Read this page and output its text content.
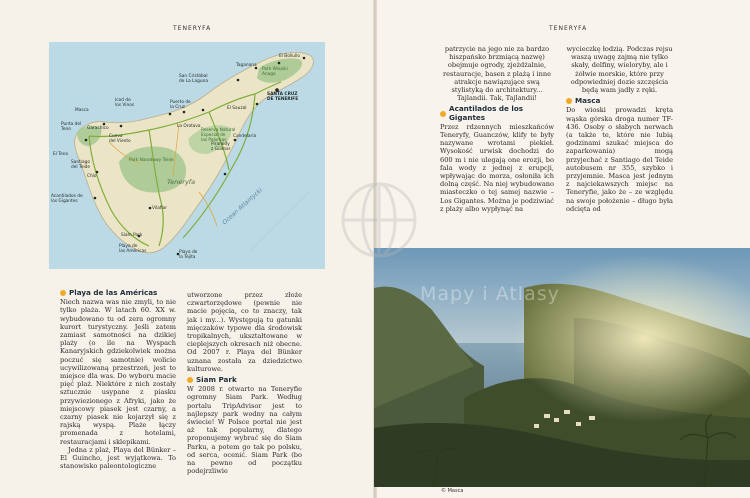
TENERYFA	TENERYFA
El Bollullo
Taganana
Park Wiejski
Anaga
San Cristóbal
de La Laguna
SANTA CRUZ
DE TENERIFE
Icod de
los Vinos
Puerto de
la Cruz
Garachico
Punta del
Teno
Cueva
del Viento
La Orotava
Reserva Natural
Especial de
las Palomas
Piramidy
z Güímar
Candelaria
Park Narodowy Teide
El Teno
Chío
Acantilados de
los Gigantes
Santiago
del Teide
Vilaflor
Siam Park
Playa de
las Américas	Playa de
la Tejita
Masca	El Sauzal
Teneryfa
Ocean Atlantycki
Playa de las Américas

Niech nazwa was nie zmyli, to nie tylko plaża. W latach 60. XX w. wybudowano tu od zera ogromny kurort turystyczny. Jeśli zatem zamiast samotności na dzikiej plaży (o ile na Wyspach Kanaryjskich gdziekolwiek można poczuć się samotnie) wolicie ucywilizowaną przestrzeń, jest to miejsce dla was. Do wyboru macie pięć plaż. Niektóre z nich zostały sztucznie usypane z piasku przywiezionego z Afryki, jako że miejscowy piasek jest czarny, a czarny piasek nie kojarzył się z rajską wyspą. Plaże łączy promenada z hotelami, restauracjami i sklepikami.

Jedna z plaż, Playa del Bünker – El Guincho, jest wyjątkowa. To stanowisko paleontologiczne

utworzone przez złoże czwartorzędowe (pewnie nie macie pojęcia, co to znaczy, tak jak i my...). Występują tu gatunki mięczaków typowe dla środowisk tropikalnych, ukształtowane w cieplejszych okresach niż obecne. Od 2007 r. Playa del Bünker uznana została za dziedzictwo kulturowe.

Siam Park

W 2008 r. otwarto na Teneryfie ogromny Siam Park. Według portalu TripAdvisor jest to najlepszy park wodny na całym świecie! W Polsce portal nie jest aż tak popularny, dlatego proponujemy wybrać się do Siam Parku, a potem go tak po polsku, od serca, ocenić. Siam Park (bo na pewno od początku podejrzliwie

patrzycie na jego nie za bardzo hiszpańsko brzmiącą nazwę) obejmuje ogrody, zjeżdżalnie, restauracje, basen z plażą i inne atrakcje nawiązujące swą stylistyką do architektury... Tajlandii. Tak, Tajlandii!

Acantilados de los Gigantes

Przez rdzennych mieszkańców Teneryfy, Guanczów, klify te były nazywane wrotami piekieł. Wysokość urwisk dochodzi do 600 m i nie ulegają one erozji, bo fala wody z jednej z erupcji, wpływając do morza, osłoniła ich dolną część. Na niej wybudowano miasteczko o tej samej nazwie – Los Gigantes. Można je podziwiać z plaży albo wypłynąć na

wycieczkę łodzią. Podczas rejsu waszą uwagę zajmą nie tylko skały, delfiny, wieloryby, ale i żółwie morskie, które przy odpowiedniej dozie szczęścia będą wam jadły z ręki.

Masca

Do wioski prowadzi kręta wąska górska droga numer TF-436. Osoby o słabych nerwach (a także te, które nie lubią godzinami szukać miejsca do zaparkowania) mogą przyjechać z Santiago del Teide autobusem nr 355, szybko i przyjemnie. Masca jest jednym z najciekawszych miejsc na Teneryfie, jako że – ze względu na swoje położenie – długo była odcięta od

© Masca
Mapy i Atlasy
